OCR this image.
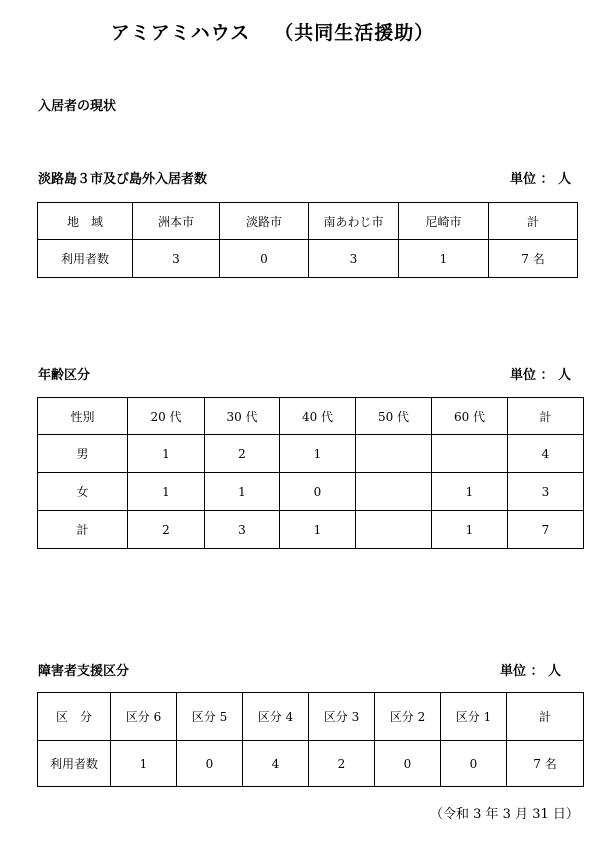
アミアミハウス （共同生活援助）
入居者の現状
淡路島３市及び島外入居者数	単位 ： 人
地　域	洲本市	淡路市	南あわじ市	尼崎市	計
利用者数	3	0	3	1	7 名
年齢区分	単位 ： 人
性別	20 代	30 代	40 代	50 代	60 代	計
男	1	2	1			4
女	1	1	0		1	3
計	2	3	1		1	7
障害者支援区分	単位 ： 人
区　分	区分 6	区分 5	区分 4	区分 3	区分 2	区分 1	計
利用者数	1	0	4	2	0	0	7 名
（令和 3 年 3 月 31 日）
